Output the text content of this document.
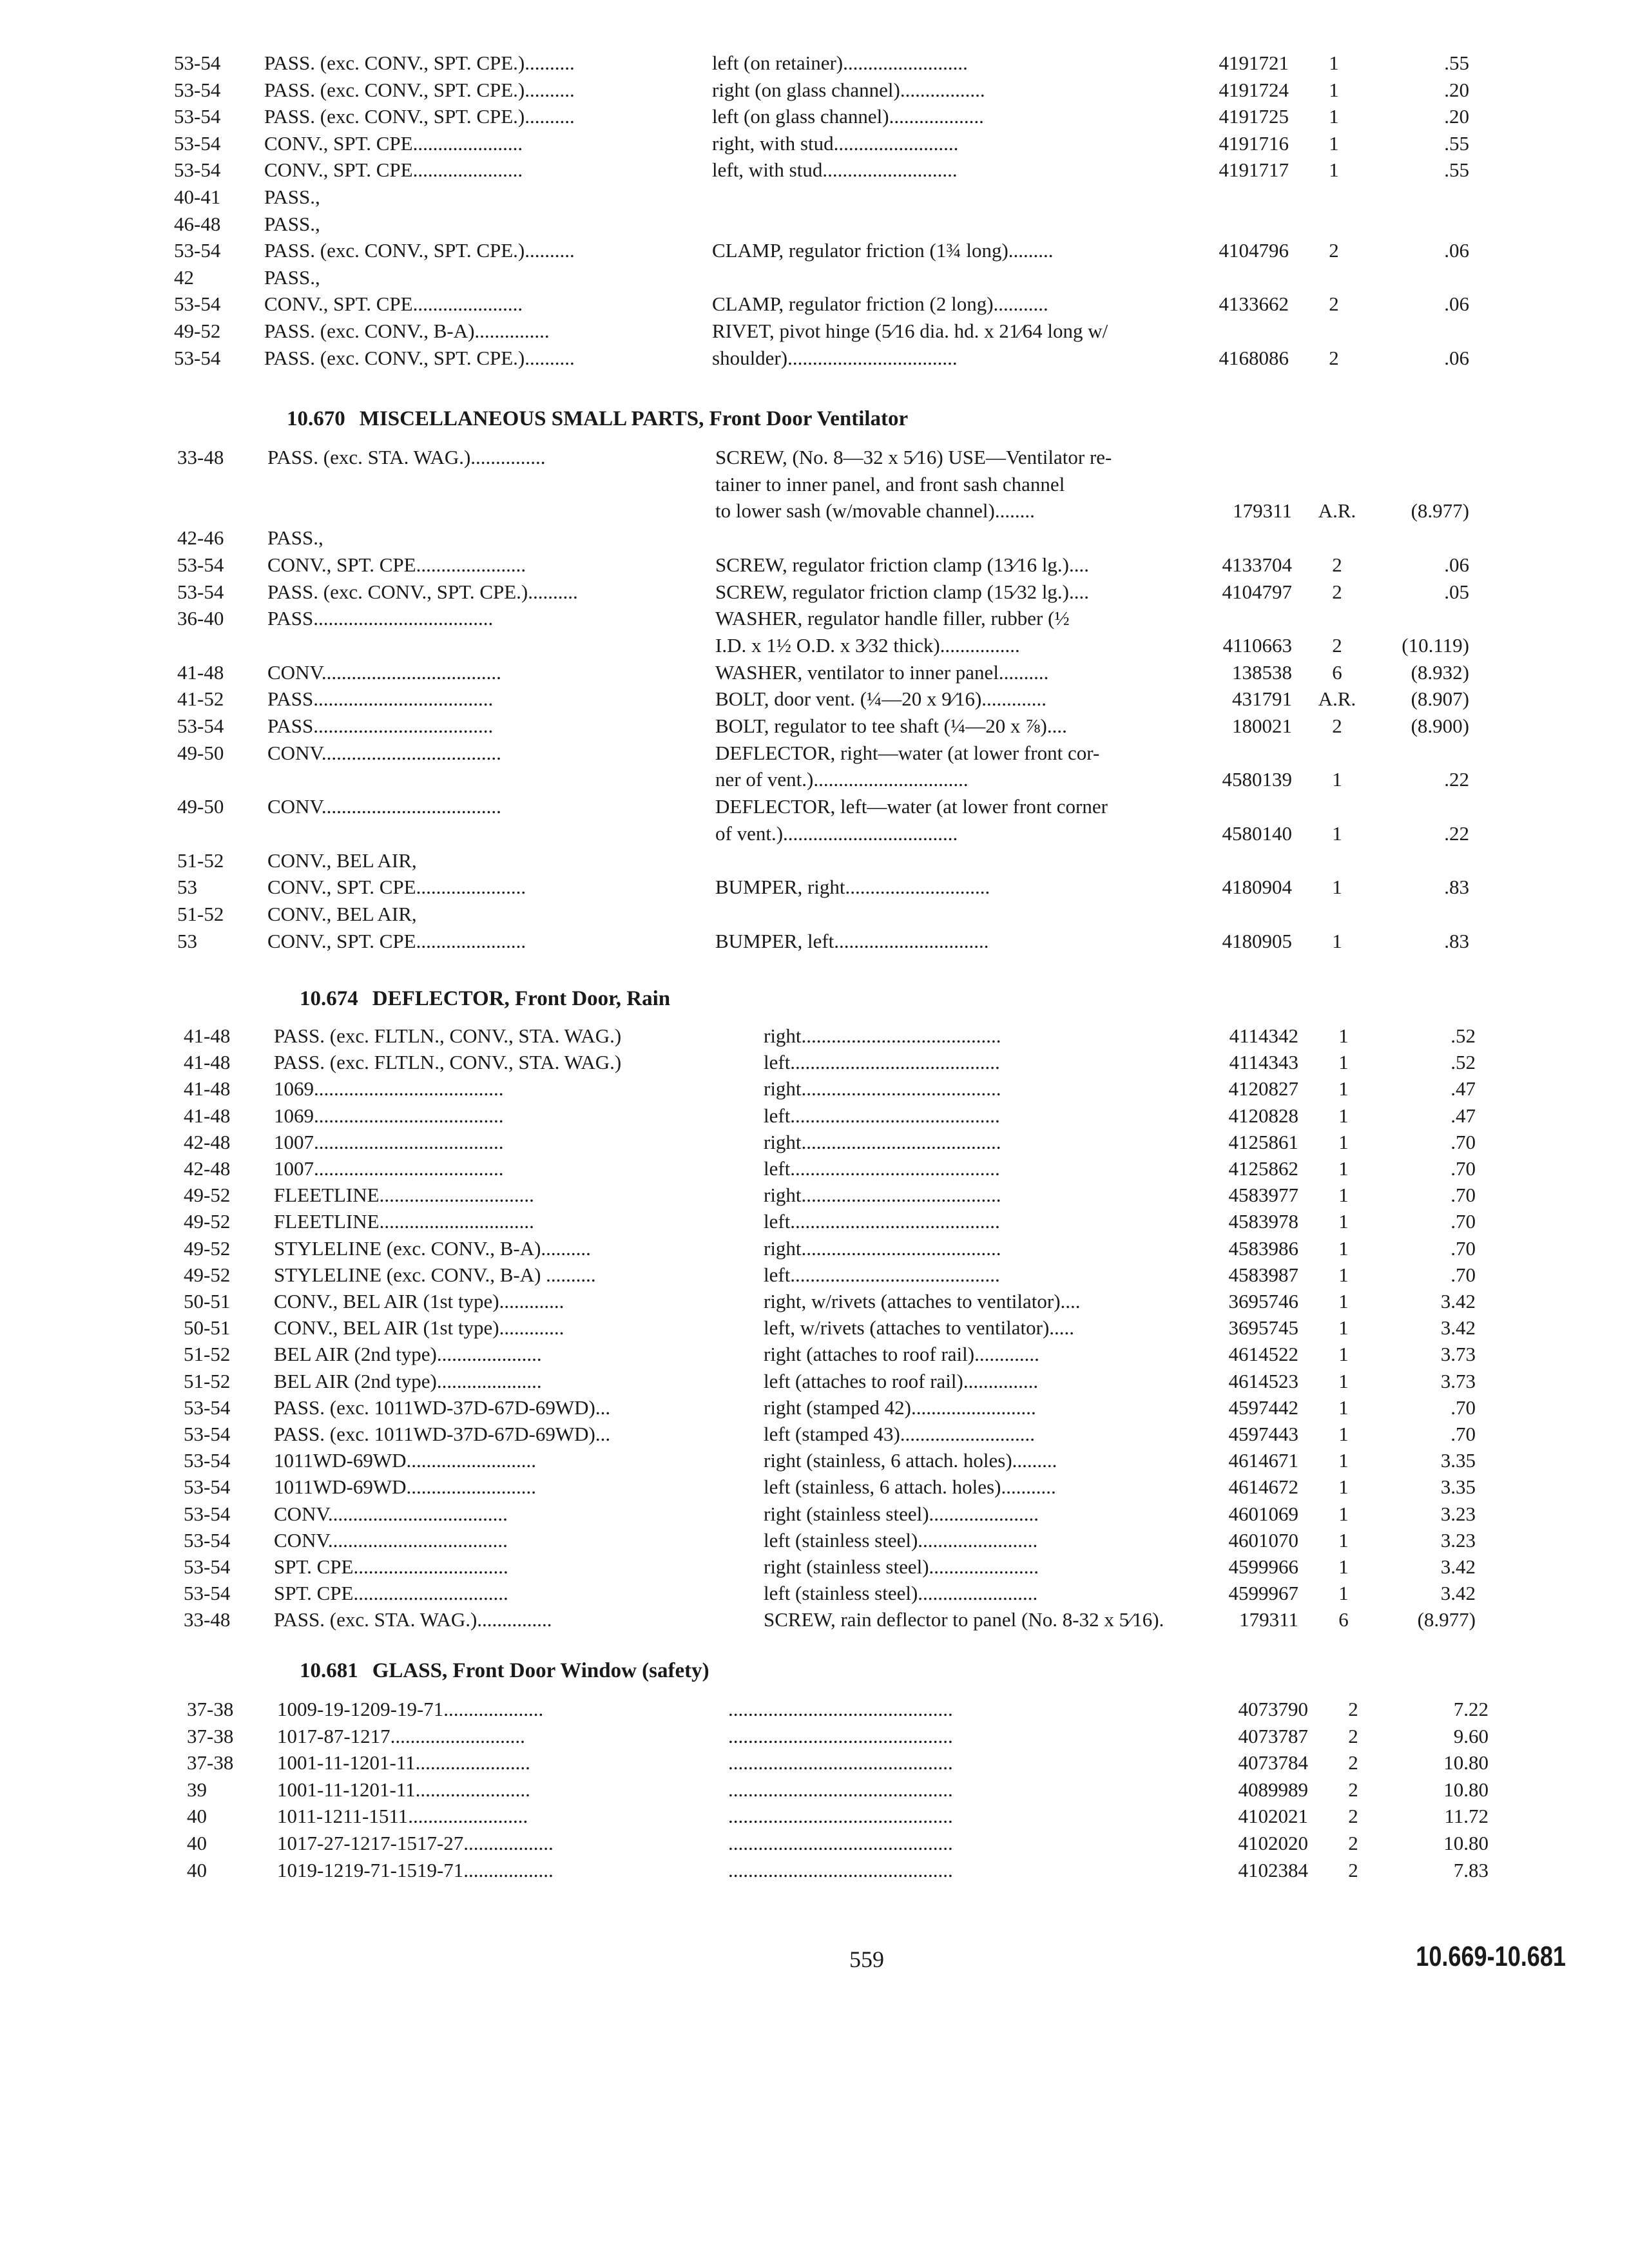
53-54	PASS. (exc. CONV., SPT. CPE.)..........	left (on retainer).........................	4191721	1	.55
53-54	PASS. (exc. CONV., SPT. CPE.)..........	right (on glass channel).................	4191724	1	.20
53-54	PASS. (exc. CONV., SPT. CPE.)..........	left (on glass channel)...................	4191725	1	.20
53-54	CONV., SPT. CPE......................	right, with stud.........................	4191716	1	.55
53-54	CONV., SPT. CPE......................	left, with stud...........................	4191717	1	.55
40-41	PASS.,
46-48	PASS.,
53-54	PASS. (exc. CONV., SPT. CPE.)..........	CLAMP, regulator friction (1¾ long).........	4104796	2	.06
42	PASS.,
53-54	CONV., SPT. CPE......................	CLAMP, regulator friction (2 long)...........	4133662	2	.06
49-52	PASS. (exc. CONV., B-A)...............	RIVET, pivot hinge (5⁄16 dia. hd. x 21⁄64 long w/
53-54	PASS. (exc. CONV., SPT. CPE.)..........	shoulder)..................................	4168086	2	.06
10.670 MISCELLANEOUS SMALL PARTS, Front Door Ventilator
33-48	PASS. (exc. STA. WAG.)...............	SCREW, (No. 8—32 x 5⁄16) USE—Ventilator re-
tainer to inner panel, and front sash channel
to lower sash (w/movable channel)........	179311	A.R.	(8.977)
42-46	PASS.,
53-54	CONV., SPT. CPE......................	SCREW, regulator friction clamp (13⁄16 lg.)....	4133704	2	.06
53-54	PASS. (exc. CONV., SPT. CPE.)..........	SCREW, regulator friction clamp (15⁄32 lg.)....	4104797	2	.05
36-40	PASS....................................	WASHER, regulator handle filler, rubber (½
I.D. x 1½ O.D. x 3⁄32 thick)................	4110663	2	(10.119)
41-48	CONV....................................	WASHER, ventilator to inner panel..........	138538	6	(8.932)
41-52	PASS....................................	BOLT, door vent. (¼—20 x 9⁄16).............	431791	A.R.	(8.907)
53-54	PASS....................................	BOLT, regulator to tee shaft (¼—20 x ⅞)....	180021	2	(8.900)
49-50	CONV....................................	DEFLECTOR, right—water (at lower front cor-
ner of vent.)...............................	4580139	1	.22
49-50	CONV....................................	DEFLECTOR, left—water (at lower front corner
of vent.)...................................	4580140	1	.22
51-52	CONV., BEL AIR,
53	CONV., SPT. CPE......................	BUMPER, right.............................	4180904	1	.83
51-52	CONV., BEL AIR,
53	CONV., SPT. CPE......................	BUMPER, left...............................	4180905	1	.83
10.674 DEFLECTOR, Front Door, Rain
41-48	PASS. (exc. FLTLN., CONV., STA. WAG.)	right........................................	4114342	1	.52
41-48	PASS. (exc. FLTLN., CONV., STA. WAG.)	left..........................................	4114343	1	.52
41-48	1069......................................	right........................................	4120827	1	.47
41-48	1069......................................	left..........................................	4120828	1	.47
42-48	1007......................................	right........................................	4125861	1	.70
42-48	1007......................................	left..........................................	4125862	1	.70
49-52	FLEETLINE...............................	right........................................	4583977	1	.70
49-52	FLEETLINE...............................	left..........................................	4583978	1	.70
49-52	STYLELINE (exc. CONV., B-A)..........	right........................................	4583986	1	.70
49-52	STYLELINE (exc. CONV., B-A) ..........	left..........................................	4583987	1	.70
50-51	CONV., BEL AIR (1st type).............	right, w/rivets (attaches to ventilator)....	3695746	1	3.42
50-51	CONV., BEL AIR (1st type).............	left, w/rivets (attaches to ventilator).....	3695745	1	3.42
51-52	BEL AIR (2nd type).....................	right (attaches to roof rail).............	4614522	1	3.73
51-52	BEL AIR (2nd type).....................	left (attaches to roof rail)...............	4614523	1	3.73
53-54	PASS. (exc. 1011WD-37D-67D-69WD)...	right (stamped 42).........................	4597442	1	.70
53-54	PASS. (exc. 1011WD-37D-67D-69WD)...	left (stamped 43)...........................	4597443	1	.70
53-54	1011WD-69WD..........................	right (stainless, 6 attach. holes).........	4614671	1	3.35
53-54	1011WD-69WD..........................	left (stainless, 6 attach. holes)...........	4614672	1	3.35
53-54	CONV....................................	right (stainless steel)......................	4601069	1	3.23
53-54	CONV....................................	left (stainless steel)........................	4601070	1	3.23
53-54	SPT. CPE...............................	right (stainless steel)......................	4599966	1	3.42
53-54	SPT. CPE...............................	left (stainless steel)........................	4599967	1	3.42
33-48	PASS. (exc. STA. WAG.)...............	SCREW, rain deflector to panel (No. 8-32 x 5⁄16).	179311	6	(8.977)
10.681 GLASS, Front Door Window (safety)
37-38	1009-19-1209-19-71....................	.............................................	4073790	2	7.22
37-38	1017-87-1217...........................	.............................................	4073787	2	9.60
37-38	1001-11-1201-11.......................	.............................................	4073784	2	10.80
39	1001-11-1201-11.......................	.............................................	4089989	2	10.80
40	1011-1211-1511........................	.............................................	4102021	2	11.72
40	1017-27-1217-1517-27..................	.............................................	4102020	2	10.80
40	1019-1219-71-1519-71..................	.............................................	4102384	2	7.83
559	10.669-10.681
